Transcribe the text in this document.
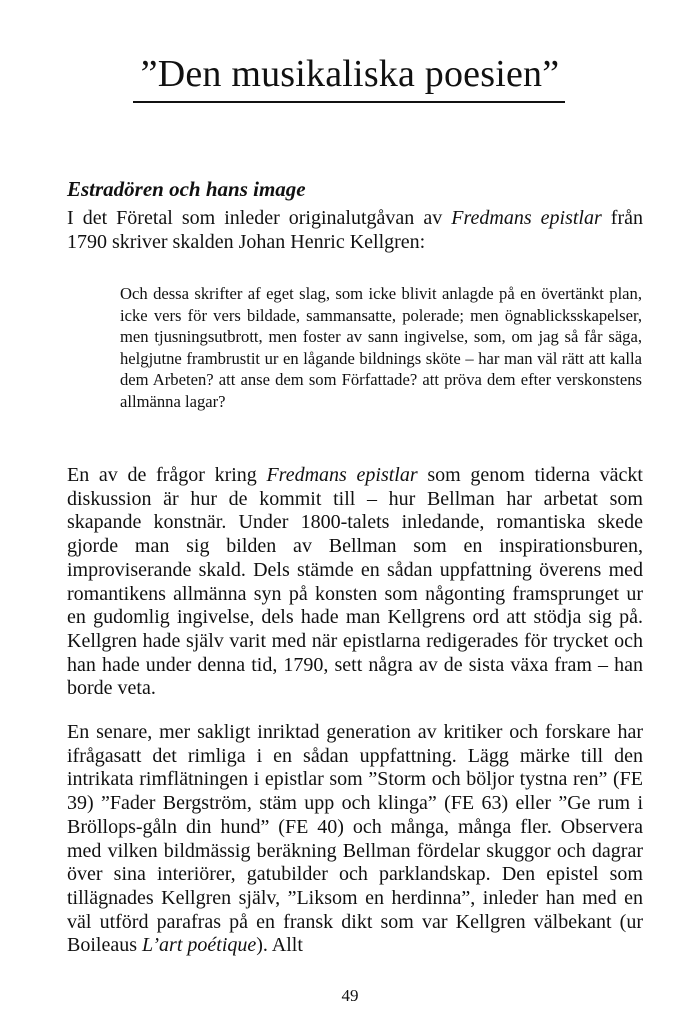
”Den musikaliska poesien”
Estradören och hans image

I det Företal som inleder originalutgåvan av Fredmans epistlar från 1790 skriver skalden Johan Henric Kellgren:

Och dessa skrifter af eget slag, som icke blivit anlagde på en övertänkt plan, icke vers för vers bildade, sammansatte, polerade; men ögnablicksskapelser, men tjusningsutbrott, men foster av sann ingivelse, som, om jag så får säga, helgjutne frambrustit ur en lågande bildnings sköte – har man väl rätt att kalla dem Arbeten? att anse dem som Författade? att pröva dem efter verskonstens allmänna lagar?

En av de frågor kring Fredmans epistlar som genom tiderna väckt diskussion är hur de kommit till – hur Bellman har arbetat som skapande konstnär. Under 1800-talets inledande, romantiska skede gjorde man sig bilden av Bellman som en inspirationsburen, improviserande skald. Dels stämde en sådan uppfattning överens med romantikens allmänna syn på konsten som någonting framsprunget ur en gudomlig ingivelse, dels hade man Kellgrens ord att stödja sig på. Kellgren hade själv varit med när epistlarna redigerades för trycket och han hade under denna tid, 1790, sett några av de sista växa fram – han borde veta.

En senare, mer sakligt inriktad generation av kritiker och forskare har ifrågasatt det rimliga i en sådan uppfattning. Lägg märke till den intrikata rimflätningen i epistlar som ”Storm och böljor tystna ren” (FE 39) ”Fader Bergström, stäm upp och klinga” (FE 63) eller ”Ge rum i Bröllops-gåln din hund” (FE 40) och många, många fler. Observera med vilken bildmässig beräkning Bellman fördelar skuggor och dagrar över sina interiörer, gatubilder och parklandskap. Den epistel som tillägnades Kellgren själv, ”Liksom en herdinna”, inleder han med en väl utförd parafras på en fransk dikt som var Kellgren välbekant (ur Boileaus L’art poétique). Allt

49
